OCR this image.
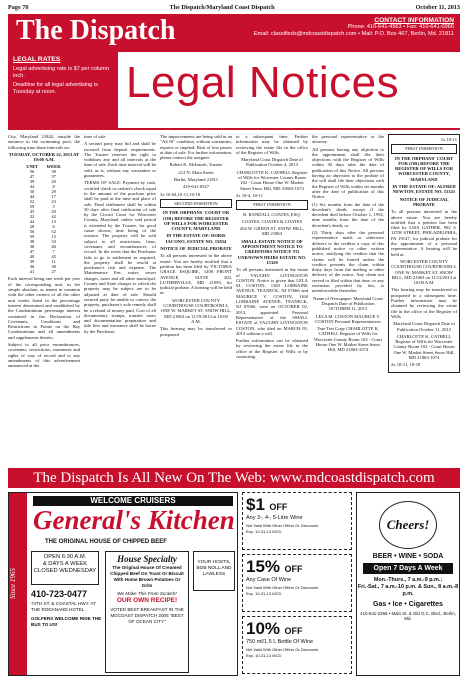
Page 70	The Dispatch/Maryland Coast Dispatch	October 11, 2013
The Dispatch	CONTACT INFORMATION
Phone: 410-641-4563 • Fax: 410-641-0966
Email: classifieds@mdcoastdispatch.com • Mail: P.O. Box 467, Berlin, Md. 21811
LEGAL RATES
Legal advertising rate is $7 per column inch.
Deadline for all legal advertising is Tuesday at noon.	Legal Notices

City, Maryland 21842, outside the entrance to the swimming pool, the following time share intervals on:

TUESDAY, OCTOBER 22, 2013 AT 10:00 A.M.

UNIT	WEEK
56	39
47	37
39	20
44	8
50	29
44	17
52	23
59	5
45	20
32	42
44	13
28	6
56	52
59	15
38	33
38	46
47	7
40	45
39	11
36	38
41	27

Each interval being one week per year of the corresponding unit, in fee simple absolute, as tenant in common with the other owners of all the other unit weeks listed in the percentage interest determined and established by the Condominium percentage interest contained in the Declaration of Covenants, Conditions and Restrictions in Pointe on the Bay Condominium and all amendments and supplements thereto.

Subject to all prior encumbrances, covenants, restrictions, easements and rights of way of record and to any amendments of this advertisement announced at the

time of sale.

A second party may bid and shall be excused from deposit requirements. The Trustee reserves the right to withdraw any and all intervals at the time of sale. Each time interval will be sold, as is, without any warranties or guarantees.

TERMS OF SALE: Payment by cash, certified check or cashier's check equal to the amount of the purchase price shall be paid at the time and place of sale. Final settlement shall be within 30 days after final ratification of sale by the Circuit Court for Worcester County, Maryland, unless said period is extended by the Trustee, for good cause shown, time being of the essence. The property will be sold subject to all restrictions, liens, covenants and encumbrances of record. In the event that the Purchaser fails to go to settlement as required, the property shall be resold at purchaser's risk and expense. The Maintenance Fee, water, sewer charges, taxes and all other municipal, County and State charges to which the property may be subject are to be adjusted at date of sale. Should secured party be unable to convey the property, purchaser's sole remedy shall be a refund of money paid. Cost of all documentary stamps, transfer taxes and documentation preparation and title fees and insurance shall be borne by the Purchaser.

The improvements are being sold in an "AS IS" condition, without warranties, express or implied. Risk of loss passes at date of sale. For further information, please contact the assignee.

Robert K. McIntosh, Trustee

212 N. Main Street

Berlin, Maryland 21811

410-641-0527

3x 10-04,10-11,10-18

SECOND INSERTION

IN THE ORPHANS' COURT OR (OR) BEFORE THE REGISTER OF WILLS FOR WORCESTER COUNTY, MARYLAND

IN THE ESTATE OF: DORIS IACONO, ESTATE NO. 15034

NOTICE OF JUDICIAL PROBATE

To all persons interested in the above estate: You are hereby notified that a petition has been filed by VICTORIA GRACE ESQUIRE, 1400 FRONT AVENUE, SUITE 202, LUTHERVILLE, MD 21093, for judicial probate. A hearing will be held at:

WORCESTER COUNTY COURTHOUSE COURTROOM 4, ONE W. MARKET ST. SNOW HILL, MD 21863 on 11/19/2013 at 10:00 A.M.

This hearing may be transferred or postponed

to a subsequent time. Further information may be obtained by reviewing the estate file in the office of the Register of Wills.

Maryland Coast Dispatch Date of Publication October 4, 2013

CHARLOTTE K. CATHELL Register of Wills for Worcester County Room 102 - Court House One W. Market Street Snow Hill, MD 21863-1074

2x 10-4, 10-11

FIRST INSERTION

B. RANDALL COATES, ESQ.

COATES, COATES & COATES

204 W. GREEN ST. SNOW HILL, MD 21863

SMALL ESTATE NOTICE OF APPOINTMENT NOTICE TO CREDITORS NOTICE TO UNKNOWN HEIRS ESTATE NO. 15320

To all persons interested in the estate of VAUGHN LIVINGSTON COSTON. Notice is given that LELA M. COSTON, 1160 LORRAINE AVENUE, TEANECK, NJ 07666 and MAURICE V. COSTON, 1160 LORRAINE AVENUE, TEANECK, NJ 07666, were on OCTOBER 02, 2013, appointed Personal Representative of the SMALL ESTATE of VAUGHN LIVINGSTON COSTON, who died on MARCH 05, 2013 without a will.

Further information can be obtained by reviewing the estate file in the office of the Register of Wills or by contacting

the personal representative or the attorney.

All persons having any objection to the appointment shall file their objections with the Register of Wills within 30 days after the date of publication of this Notice. All persons having an objection to the probate of the will shall file their objections with the Register of Wills within six months after the date of publication of this Notice.

(1) Six months from the date of the decedent's death, except if the decedent died before October 1, 1992, nine months from the date of the decedent's death; or

(2) Thirty days after the personal representative mails or otherwise delivers to the creditor a copy of this published notice or other written notice, notifying the creditor that the claims will be barred unless the creditor presents the claim within thirty days from the mailing or other delivery of the notice. Any claim not served or filed within that time, or any extension provided by law, is unenforceable thereafter.

Name of Newspaper: Maryland Coast Dispatch Date of Publication OCTOBER 11, 2013

LELA M. COSTON MAURICE V. COSTON Personal Representatives

True Test Copy CHARLOTTE K. CATHELL Register of Wills for Worcester County Room 102 - Court House One W. Market Street Snow Hill, MD 21863-1074

1x 10-11

FIRST INSERTION

IN THE ORPHANS' COURT FOR (OR) BEFORE THE REGISTER OF WILLS FOR WORCESTER COUNTY, MARYLAND

IN THE ESTATE OF: ALFRED NEWTON, ESTATE NO. 15321

NOTICE OF JUDICIAL PROBATE

To all persons interested in the above estate: You are hereby notified that a petition has been filed by LISA GATHER, 902 S. 12TH STREET, PHILADELPHIA, PA 19147, for judicial probate for the appointment of a personal representative. A hearing will be held at:

WORCESTER COUNTY COURTHOUSE COURTROOM 4, ONE W. MARKET ST. SNOW HILL, MD 21863 on 11/12/2013 at 10:00 A.M.

This hearing may be transferred or postponed to a subsequent time. Further information may be obtained by reviewing the estate file in the office of the Register of Wills.

Maryland Coast Dispatch Date of Publication October 11, 2013

CHARLOTTE K. CATHELL Register of Wills for Worcester County Room 102 - Court House One W. Market Street Snow Hill, MD 21863-1074

2x 10-11, 10-18

The Dispatch Is All New On The Web: www.mdcoastdispatch.com
Since 1965
WELCOME CRUISERS
General's Kitchen
THE ORIGINAL HOUSE OF CHIPPED BEEF
OPEN 6:30 A.M.
& DAYS A WEEK
CLOSED WEDNESDAY
410-723-0477
74TH ST. & COASTAL HWY. AT THE RODANAND HOTEL
GOLFERS WELCOME RIDE THE BUS TO US!
House Specialty
The Original House Of Creamed Chipped Beef On Toast Or Biscuit With Home Brown Potatoes Or Grits
We Make This From Scratch!
OUR OWN RECIPE!
VOTED BEST BREAKFAST IN THE MDCOAST DISPATCH 2005 "BEST OF OCEAN CITY"
YOUR HOSTS, BOB NOLL AND LAWLESS
$1 OFF
Any 3-, 4-, 5-Litre Wine
Not Valid With Other Offers Or Discounts
Exp. 10-31-13 MCD
15% OFF
Any Case Of Wine
Not Valid With Other Offers Or Discounts
Exp. 10-31-13 MCD
10% OFF
750 ml/1.5 L Bottle Of Wine
Not Valid With Other Offers Or Discounts
Exp. 10-31-13 MCD
Cheers!
BEER • WINE • SODA
Open 7 Days A Week
Mon.-Thurs., 7 a.m.-9 p.m.;
Fri.-Sat., 7 a.m.-10 p.m. & Sun., 8 a.m.-8 p.m.
Gas • Ice • Cigarettes
410-641-2366 • Main St. & Old O.C. Blvd., Berlin, Md.
